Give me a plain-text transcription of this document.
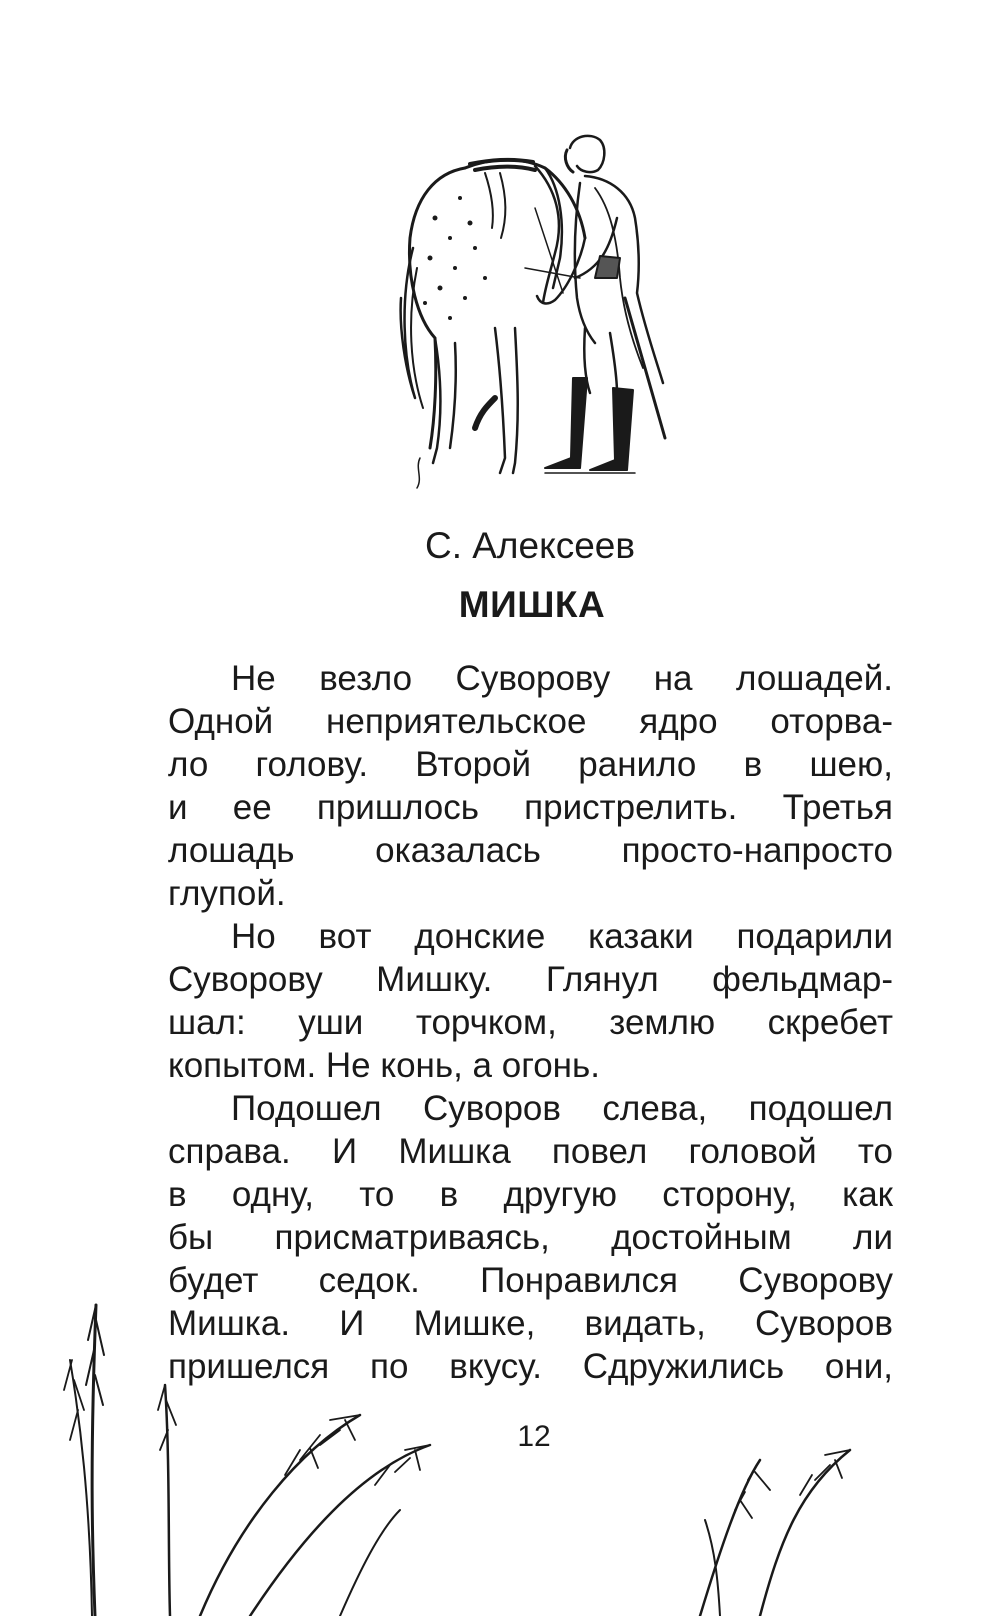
С. Алексеев
МИШКА
Не везло Суворову на лошадей.
Одной неприятельское ядро оторва-
ло голову. Второй ранило в шею,
и ее пришлось пристрелить. Третья
лошадь оказалась просто-напросто
глупой.
Но вот донские казаки подарили
Суворову Мишку. Глянул фельдмар-
шал: уши торчком, землю скребет
копытом. Не конь, а огонь.
Подошел Суворов слева, подошел
справа. И Мишка повел головой то
в одну, то в другую сторону, как
бы присматриваясь, достойным ли
будет седок. Понравился Суворову
Мишка. И Мишке, видать, Суворов
пришелся по вкусу. Сдружились они,
12
